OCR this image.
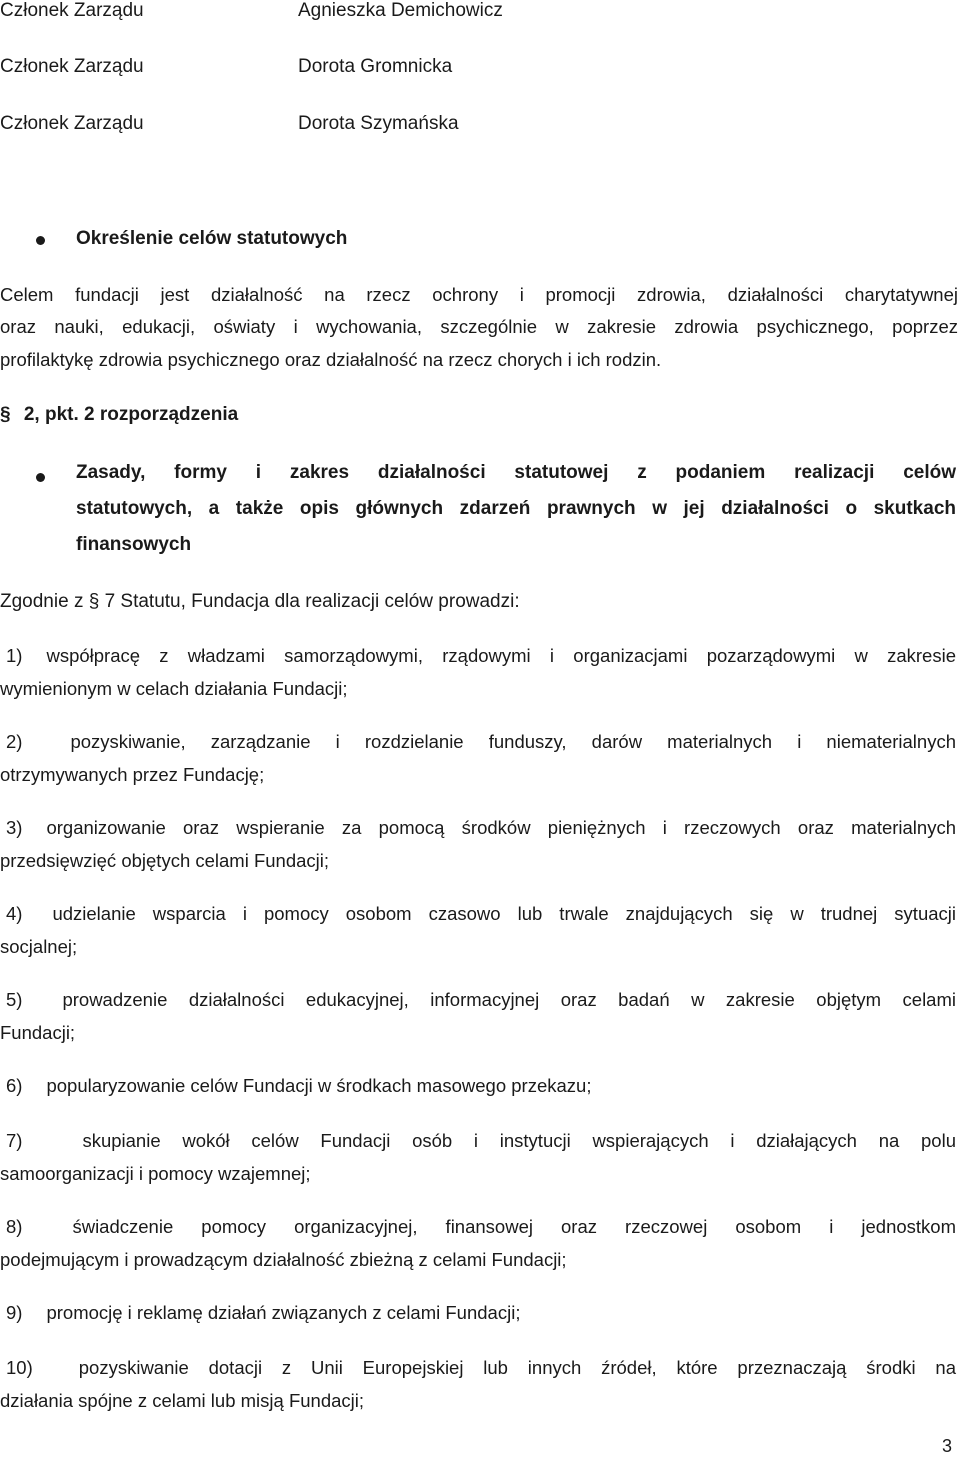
Członek Zarządu	Agnieszka Demichowicz
Członek Zarządu	Dorota Gromnicka
Członek Zarządu	Dorota Szymańska
Określenie celów statutowych
Celem fundacji jest działalność na rzecz ochrony i promocji zdrowia, działalności charytatywnej
oraz nauki, edukacji, oświaty i wychowania, szczególnie w zakresie zdrowia psychicznego, poprzez
profilaktykę zdrowia psychicznego oraz działalność na rzecz chorych i ich rodzin.
§ 2, pkt. 2 rozporządzenia
Zasady, formy i zakres działalności statutowej z podaniem realizacji celów
statutowych, a także opis głównych zdarzeń prawnych w jej działalności o skutkach
finansowych
Zgodnie z § 7 Statutu, Fundacja dla realizacji celów prowadzi:
1) współpracę z władzami samorządowymi, rządowymi i organizacjami pozarządowymi w zakresie
wymienionym w celach działania Fundacji;
2)	pozyskiwanie, zarządzanie i rozdzielanie funduszy, darów materialnych i niematerialnych
otrzymywanych przez Fundację;
3) organizowanie oraz wspieranie za pomocą środków pieniężnych i rzeczowych oraz materialnych
przedsięwzięć objętych celami Fundacji;
4) udzielanie wsparcia i pomocy osobom czasowo lub trwale znajdujących się w trudnej sytuacji
socjalnej;
5) prowadzenie działalności edukacyjnej, informacyjnej oraz badań w zakresie objętym celami
Fundacji;
6) popularyzowanie celów Fundacji w środkach masowego przekazu;
7)	skupianie wokół celów Fundacji osób i instytucji wspierających i działających na polu
samoorganizacji i pomocy wzajemnej;
8)	świadczenie pomocy organizacyjnej, finansowej oraz rzeczowej osobom i jednostkom
podejmującym i prowadzącym działalność zbieżną z celami Fundacji;
9) promocję i reklamę działań związanych z celami Fundacji;
10) pozyskiwanie dotacji z Unii Europejskiej lub innych źródeł, które przeznaczają środki na
działania spójne z celami lub misją Fundacji;
3
